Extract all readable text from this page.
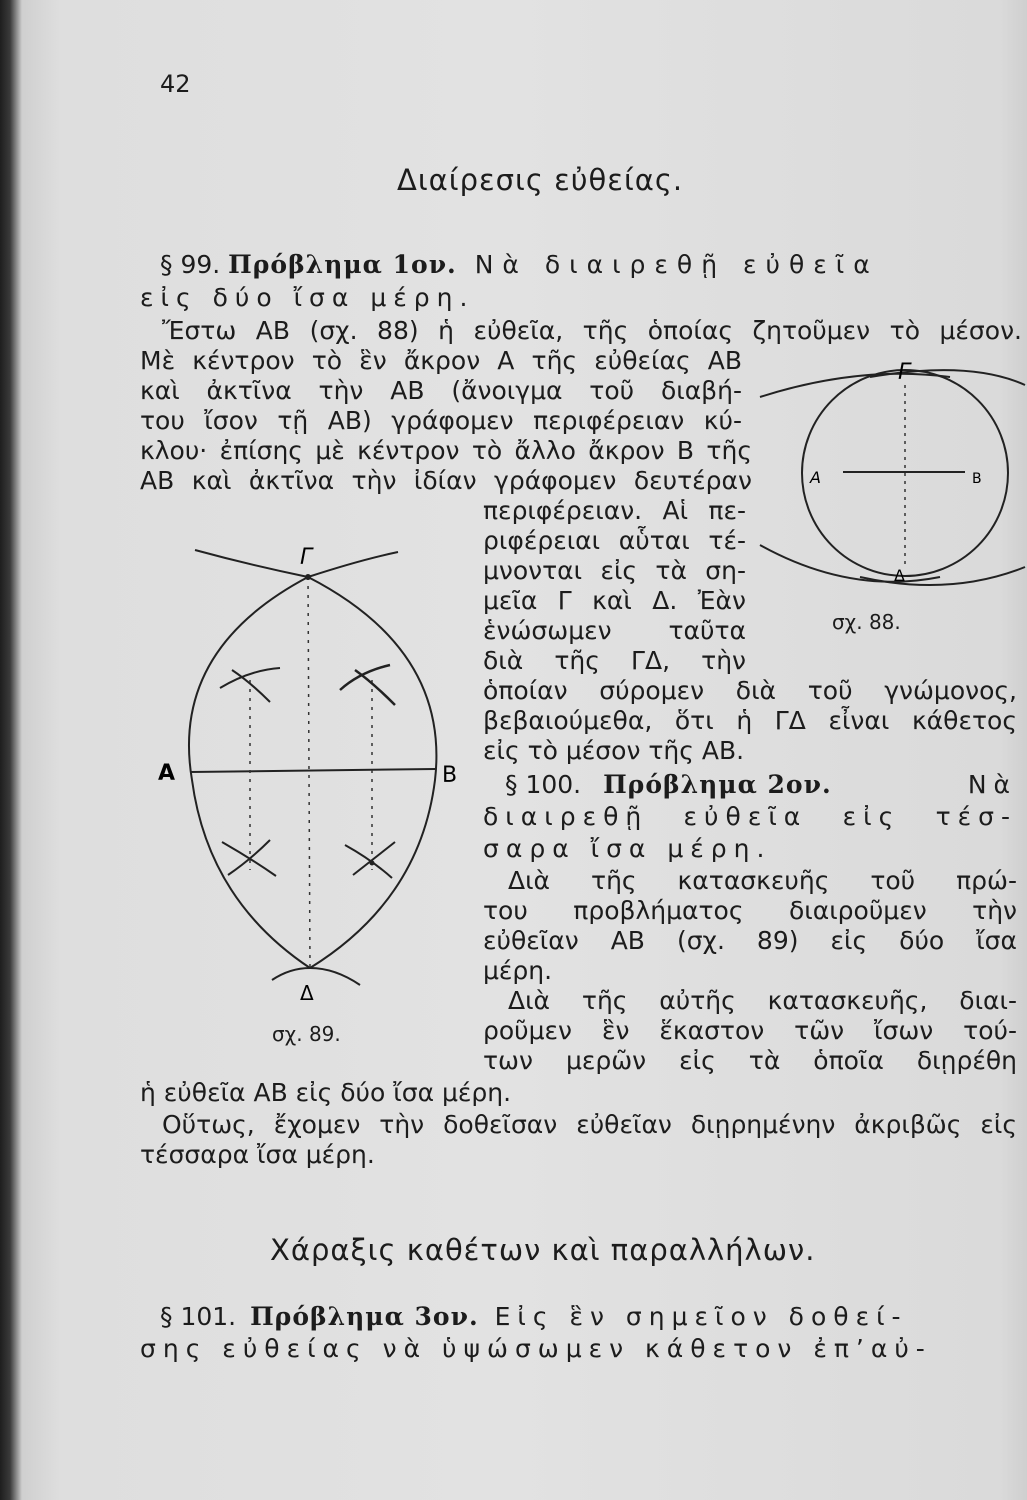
42
Διαίρεσις εὐθείας.
§ 99. Πρόβλημα 1ον. Νὰ διαιρεθῇ εὐθεῖα
εἰς δύο ἴσα μέρη.
Ἔστω ΑΒ (σχ. 88) ἡ εὐθεῖα, τῆς ὁποίας ζητοῦμεν τὸ μέσον.
Μὲ κέντρον τὸ ἓν ἄκρον Α τῆς εὐθείας ΑΒ
καὶ ἀκτῖνα τὴν ΑΒ (ἄνοιγμα τοῦ διαβή-
του ἴσον τῇ ΑΒ) γράφομεν περιφέρειαν κύ-
κλου· ἐπίσης μὲ κέντρον τὸ ἄλλο ἄκρον Β τῆς
ΑΒ καὶ ἀκτῖνα τὴν ἰδίαν γράφομεν δευτέραν
περιφέρειαν. Αἱ πε-
ριφέρειαι αὗται τέ-
μνονται εἰς τὰ ση-
μεῖα Γ καὶ Δ. Ἐὰν
ἑνώσωμεν ταῦτα
διὰ τῆς ΓΔ, τὴν
ὁποίαν σύρομεν διὰ τοῦ γνώμονος,
βεβαιούμεθα, ὅτι ἡ ΓΔ εἶναι κάθετος
εἰς τὸ μέσον τῆς ΑΒ.
§ 100. Πρόβλημα 2ον.	Νὰ
διαιρεθῇ εὐθεῖα εἰς τέσ-
σαρα ἴσα μέρη.
Διὰ τῆς κατασκευῆς τοῦ πρώ-
του προβλήματος διαιροῦμεν τὴν
εὐθεῖαν ΑΒ (σχ. 89) εἰς δύο ἴσα
μέρη.
Διὰ τῆς αὐτῆς κατασκευῆς, διαι-
ροῦμεν ἓν ἕκαστον τῶν ἴσων τού-
των μερῶν εἰς τὰ ὁποῖα διῃρέθη
ἡ εὐθεῖα ΑΒ εἰς δύο ἴσα μέρη.
Οὕτως, ἔχομεν τὴν δοθεῖσαν εὐθεῖαν διῃρημένην ἀκριβῶς εἰς
τέσσαρα ἴσα μέρη.
Χάραξις καθέτων καὶ παραλλήλων.
§ 101. Πρόβλημα 3ον. Εἰς ἓν σημεῖον δοθεί-
σης εὐθείας νὰ ὑψώσωμεν κάθετον ἐπ’αὐ-
Γ
Α	Β
Δ
σχ. 88.
Γ
Α	Β
Δ
σχ. 89.
